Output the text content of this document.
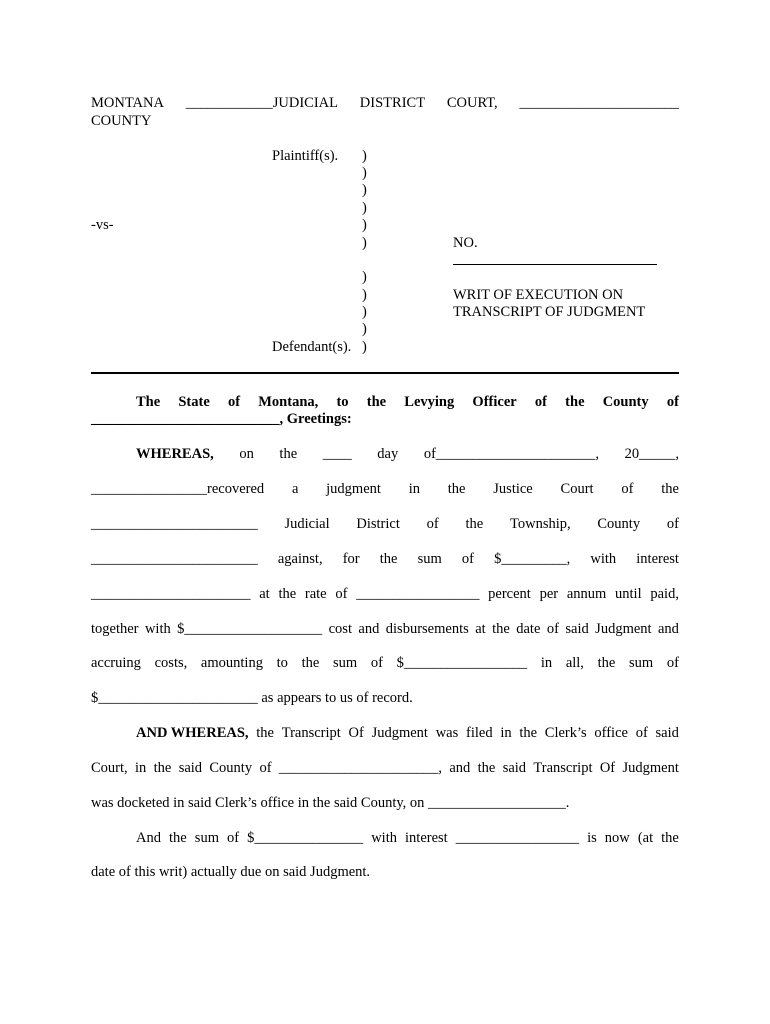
MONTANA ____________JUDICIAL DISTRICT COURT, ______________________
COUNTY
Plaintiff(s).
-vs-
Defendant(s).
)
)
)
)
)
)
)
)
)
)
)
NO.
WRIT OF EXECUTION ON
TRANSCRIPT OF JUDGMENT
The State of Montana, to the Levying Officer of the County of
__________________________, Greetings:
WHEREAS, on the ____ day of______________________, 20_____,
________________recovered a judgment in the Justice Court of the
_______________________ Judicial District of the Township, County of
_______________________ against, for the sum of $_________, with interest
______________________ at the rate of _________________ percent per annum until paid,
together with $___________________ cost and disbursements at the date of said Judgment and
accruing costs, amounting to the sum of $_________________ in all, the sum of
$______________________ as appears to us of record.
AND WHEREAS, the Transcript Of Judgment was filed in the Clerk’s office of said
Court, in the said County of ______________________, and the said Transcript Of Judgment
was docketed in said Clerk’s office in the said County, on ___________________.
And the sum of $_______________ with interest _________________ is now (at the
date of this writ) actually due on said Judgment.
